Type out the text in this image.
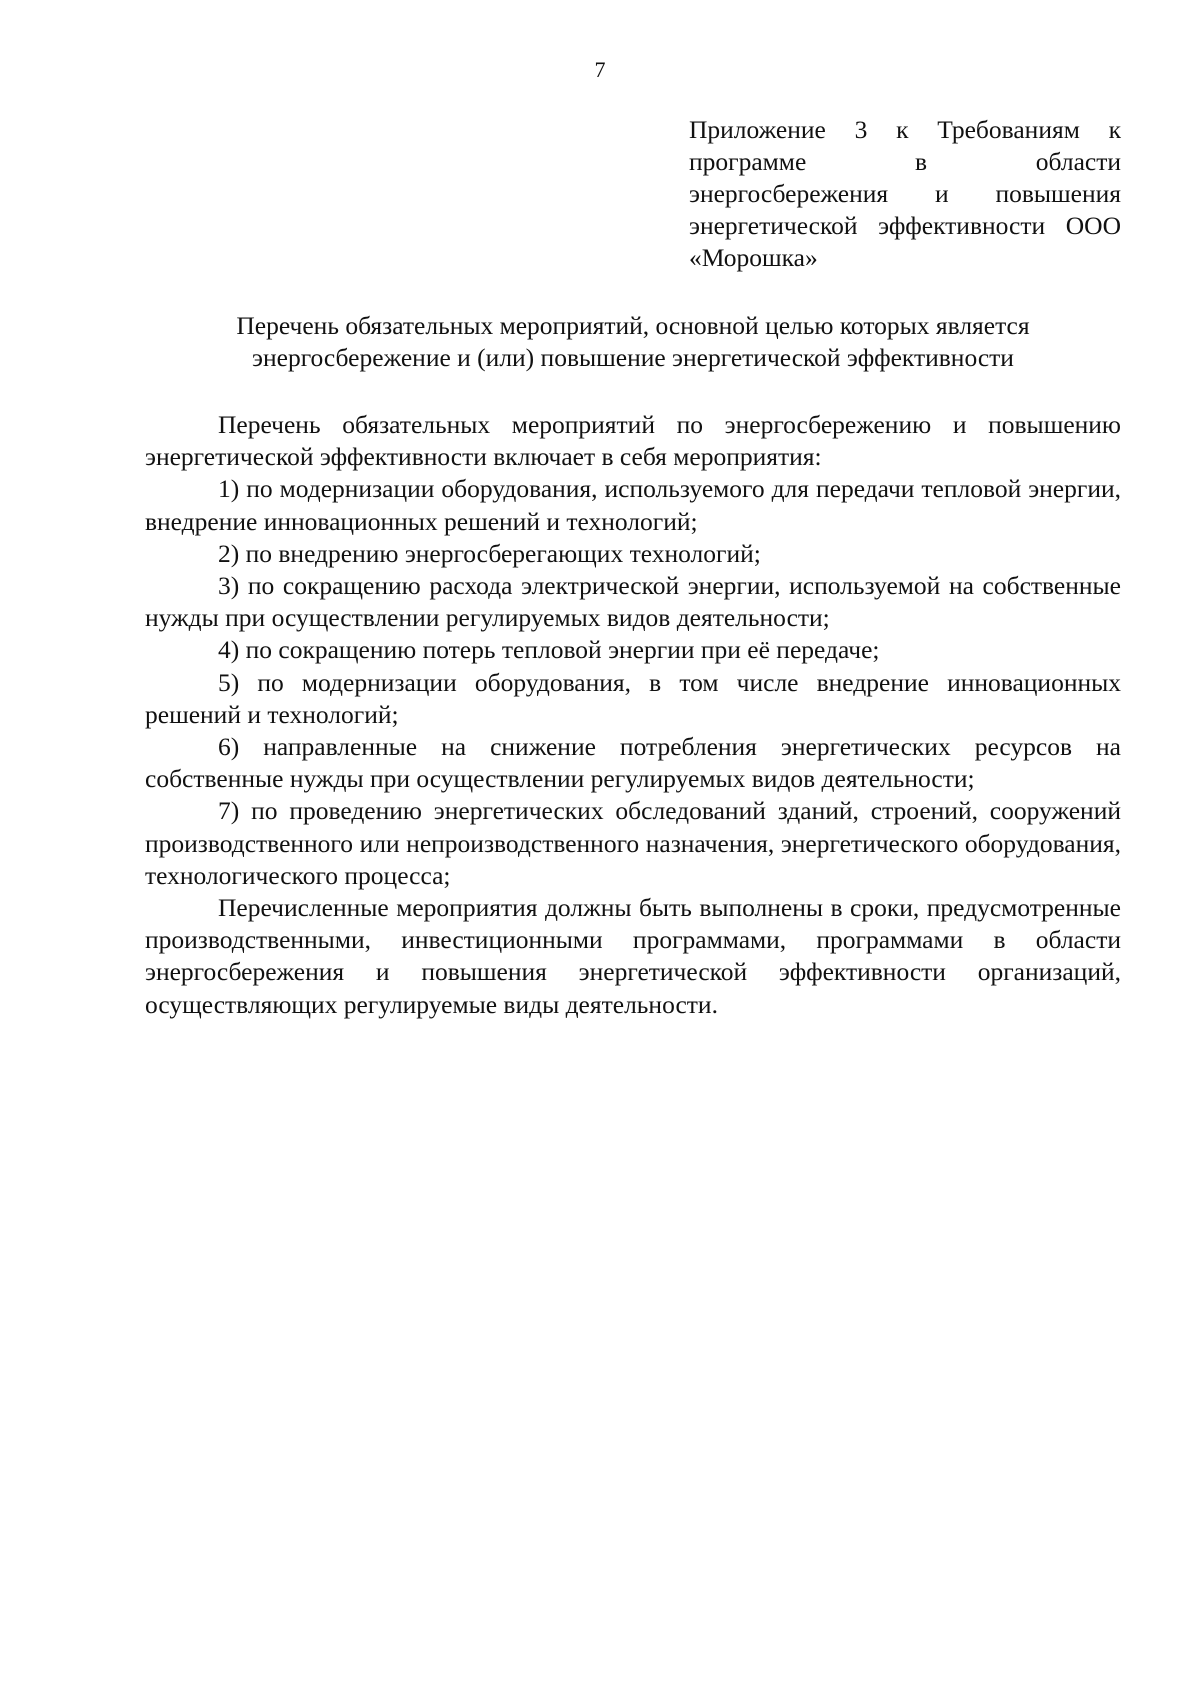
7
Приложение 3 к Требованиям к программе в области энергосбережения и повышения энергетической эффективности ООО «Морошка»
Перечень обязательных мероприятий, основной целью которых является
энергосбережение и (или) повышение энергетической эффективности

Перечень обязательных мероприятий по энергосбережению и повышению энергетической эффективности включает в себя мероприятия:

1) по модернизации оборудования, используемого для передачи тепловой энергии, внедрение инновационных решений и технологий;

2) по внедрению энергосберегающих технологий;

3) по сокращению расхода электрической энергии, используемой на собственные нужды при осуществлении регулируемых видов деятельности;

4) по сокращению потерь тепловой энергии при её передаче;

5) по модернизации оборудования, в том числе внедрение инновационных решений и технологий;

6) направленные на снижение потребления энергетических ресурсов на собственные нужды при осуществлении регулируемых видов деятельности;

7) по проведению энергетических обследований зданий, строений, сооружений производственного или непроизводственного назначения, энергетического оборудования, технологического процесса;

Перечисленные мероприятия должны быть выполнены в сроки, предусмотренные производственными, инвестиционными программами, программами в области энергосбережения и повышения энергетической эффективности организаций, осуществляющих регулируемые виды деятельности.
